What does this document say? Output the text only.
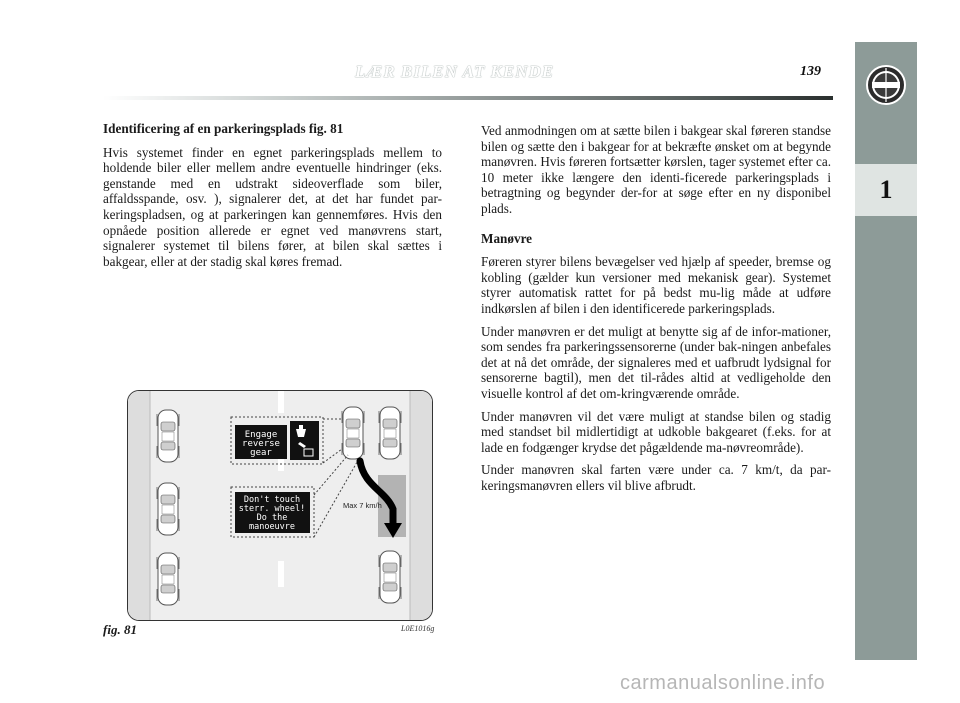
1
LÆR BILEN AT KENDE	139
Identificering af en parkeringsplads fig. 81

Hvis systemet finder en egnet parkeringsplads mellem to holdende biler eller mellem andre eventuelle hindringer (eks. genstande med en udstrakt sideoverflade som biler, affaldsspande, osv. ), signalerer det, at det har fundet par-keringspladsen, og at parkeringen kan gennemføres. Hvis den opnåede position allerede er egnet ved manøvrens start, signalerer systemet til bilens fører, at bilen skal sættes i bakgear, eller at der stadig skal køres fremad.

Ved anmodningen om at sætte bilen i bakgear skal føreren standse bilen og sætte den i bakgear for at bekræfte ønsket om at begynde manøvren. Hvis føreren fortsætter kørslen, tager systemet efter ca. 10 meter ikke længere den identi-ficerede parkeringsplads i betragtning og begynder der-for at søge efter en ny disponibel plads.

Manøvre

Føreren styrer bilens bevægelser ved hjælp af speeder, bremse og kobling (gælder kun versioner med mekanisk gear). Systemet styrer automatisk rattet for på bedst mu-lig måde at udføre indkørslen af bilen i den identificerede parkeringsplads.

Under manøvren er det muligt at benytte sig af de infor-mationer, som sendes fra parkeringssensorerne (under bak-ningen anbefales det at nå det område, der signaleres med et uafbrudt lydsignal for sensorerne bagtil), men det til-rådes altid at vedligeholde den visuelle kontrol af det om-kringværende område.

Under manøvren vil det være muligt at standse bilen og stadig med standset bil midlertidigt at udkoble bakgearet (f.eks. for at lade en fodgænger krydse det pågældende ma-nøvreområde).

Under manøvren skal farten være under ca. 7 km/t, da par-keringsmanøvren ellers vil blive afbrudt.

Engage
reverse
gear
Don't touch
sterr. wheel!
Do the
manoeuvre
Max 7 km/h
fig. 81	L0E1016g
carmanualsonline.info
